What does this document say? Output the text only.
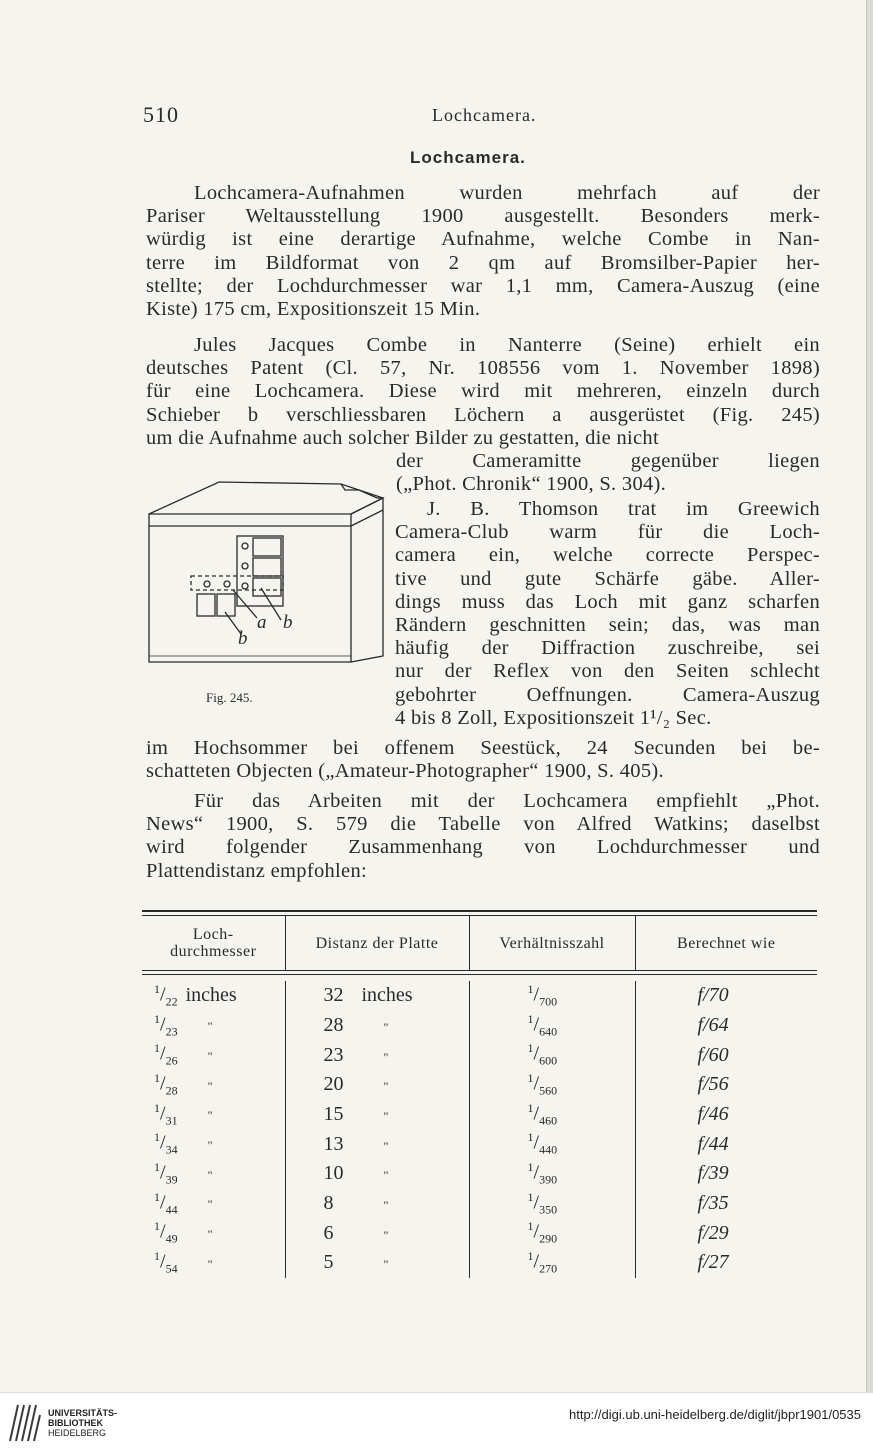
510	Lochcamera.
Lochcamera.
Lochcamera-Aufnahmen wurden mehrfach auf der
Pariser Weltausstellung 1900 ausgestellt. Besonders merk-
würdig ist eine derartige Aufnahme, welche Combe in Nan-
terre im Bildformat von 2 qm auf Bromsilber-Papier her-
stellte; der Lochdurchmesser war 1,1 mm, Camera-Auszug (eine
Kiste) 175 cm, Expositionszeit 15 Min.
Jules Jacques Combe in Nanterre (Seine) erhielt ein
deutsches Patent (Cl. 57, Nr. 108556 vom 1. November 1898)
für eine Lochcamera. Diese wird mit mehreren, einzeln durch
Schieber b verschliessbaren Löchern a ausgerüstet (Fig. 245)
um die Aufnahme auch solcher Bilder zu gestatten, die nicht
der Cameramitte gegenüber liegen
(„Phot. Chronik“ 1900, S. 304).
J. B. Thomson trat im Greewich
Camera-Club warm für die Loch-
camera ein, welche correcte Perspec-
tive und gute Schärfe gäbe. Aller-
dings muss das Loch mit ganz scharfen
Rändern geschnitten sein; das, was man
häufig der Diffraction zuschreibe, sei
nur der Reflex von den Seiten schlecht
gebohrter Oeffnungen. Camera-Auszug
4 bis 8 Zoll, Expositionszeit 1¹/₂ Sec.
im Hochsommer bei offenem Seestück, 24 Secunden bei be-
schatteten Objecten („Amateur-Photographer“ 1900, S. 405).
Für das Arbeiten mit der Lochcamera empfiehlt „Phot.
News“ 1900, S. 579 die Tabelle von Alfred Watkins; daselbst
wird folgender Zusammenhang von Lochdurchmesser und
Plattendistanz empfohlen:
a b
b
Fig. 245.
Loch-
durchmesser	Distanz der Platte	Verhältnisszahl	Berechnet wie
$^1/_{22}$ inches	32 inches	$^1/_{700}$	f/70
$^1/_{23}$ "	28 "	$^1/_{640}$	f/64
$^1/_{26}$ "	23 "	$^1/_{600}$	f/60
$^1/_{28}$ "	20 "	$^1/_{560}$	f/56
$^1/_{31}$ "	15 "	$^1/_{460}$	f/46
$^1/_{34}$ "	13 "	$^1/_{440}$	f/44
$^1/_{39}$ "	10 "	$^1/_{390}$	f/39
$^1/_{44}$ "	8 "	$^1/_{350}$	f/35
$^1/_{49}$ "	6 "	$^1/_{290}$	f/29
$^1/_{54}$ "	5 "	$^1/_{270}$	f/27
UNIVERSITÄTS-
BIBLIOTHEK
HEIDELBERG
http://digi.ub.uni-heidelberg.de/diglit/jbpr1901/0535
